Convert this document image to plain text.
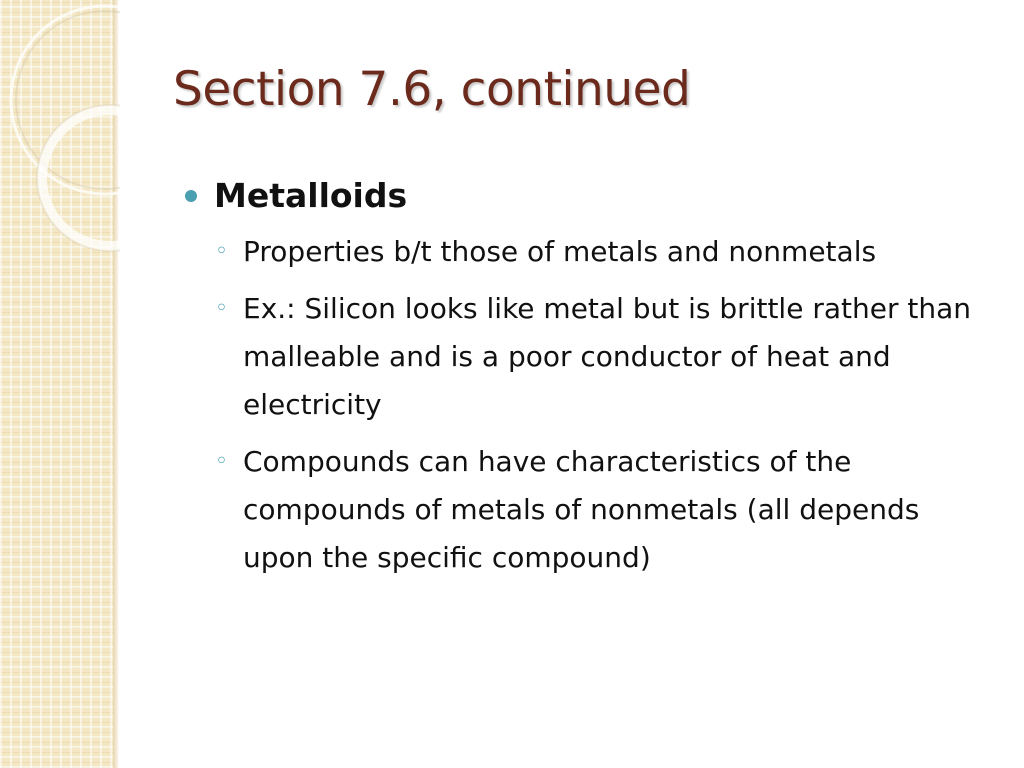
Section 7.6, continued
Metalloids
◦ Properties b/t those of metals and nonmetals
◦ Ex.: Silicon looks like metal but is brittle rather than malleable and is a poor conductor of heat and electricity
◦ Compounds can have characteristics of the compounds of metals of nonmetals (all depends upon the specific compound)
